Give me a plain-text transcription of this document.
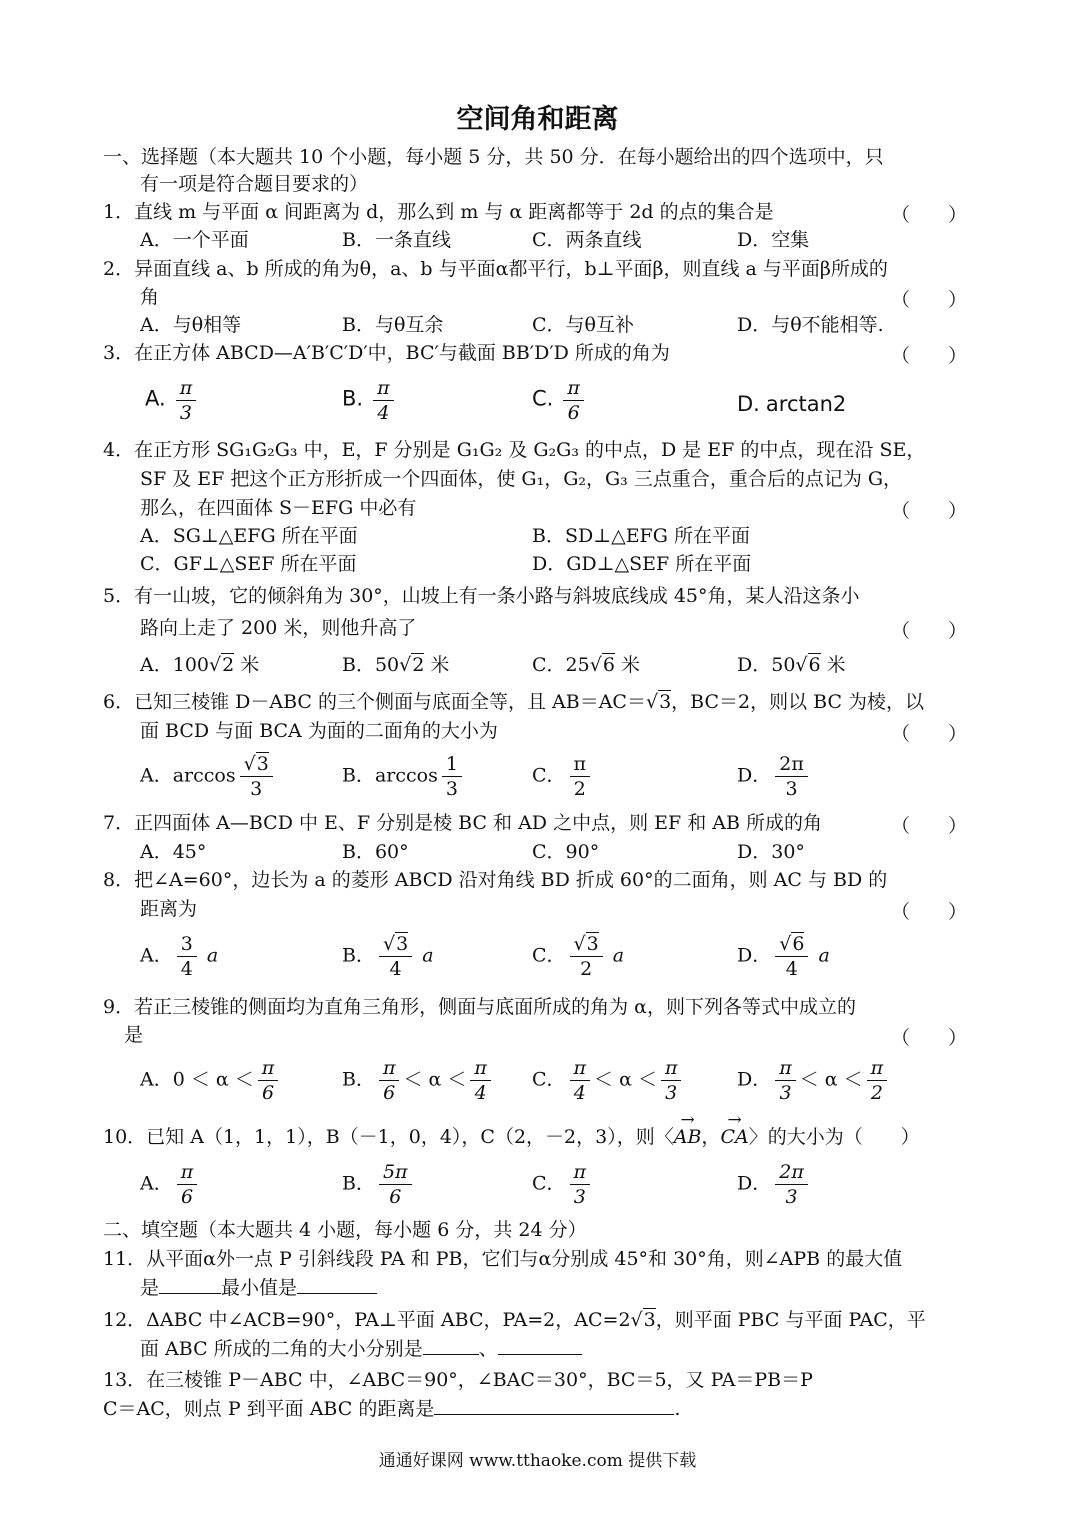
空间角和距离
一、选择题（本大题共 10 个小题，每小题 5 分，共 50 分．在每小题给出的四个选项中，只
有一项是符合题目要求的）
1．直线 m 与平面 α 间距离为 d，那么到 m 与 α 距离都等于 2d 的点的集合是	（　　）
A．一个平面	B．一条直线	C．两条直线	D．空集
2．异面直线 a、b 所成的角为θ，a、b 与平面α都平行，b⊥平面β，则直线 a 与平面β所成的
角	（　　）
A．与θ相等	B．与θ互余	C．与θ互补	D．与θ不能相等.
3．在正方体 ABCD—A′B′C′D′中，BC′与截面 BB′D′D 所成的角为	（　　）
A. $\frac{\pi}{3}$	B. $\frac{\pi}{4}$	C. $\frac{\pi}{6}$	D. arctan2
4．在正方形 SG₁G₂G₃ 中，E，F 分别是 G₁G₂ 及 G₂G₃ 的中点，D 是 EF 的中点，现在沿 SE，
SF 及 EF 把这个正方形折成一个四面体，使 G₁，G₂，G₃ 三点重合，重合后的点记为 G，
那么，在四面体 S－EFG 中必有	（　　）
A．SG⊥△EFG 所在平面	B．SD⊥△EFG 所在平面
C．GF⊥△SEF 所在平面	D．GD⊥△SEF 所在平面
5．有一山坡，它的倾斜角为 30°，山坡上有一条小路与斜坡底线成 45°角，某人沿这条小
路向上走了 200 米，则他升高了	（　　）
A．100√2 米	B．50√2 米	C．25√6 米	D．50√6 米
6．已知三棱锥 D－ABC 的三个侧面与底面全等，且 AB＝AC＝√3，BC＝2，则以 BC 为棱，以
面 BCD 与面 BCA 为面的二面角的大小为	（　　）
A．$\arccos \frac{√3}{3}$	B．$\arccos \frac{1}{3}$	C． $\frac{\pi}{2}$	D． $\frac{2\pi}{3}$
7．正四面体 A—BCD 中 E、F 分别是棱 BC 和 AD 之中点，则 EF 和 AB 所成的角	（　　）
A．45°	B．60°	C．90°	D．30°
8．把∠A=60°，边长为 a 的菱形 ABCD 沿对角线 BD 折成 60°的二面角，则 AC 与 BD 的
距离为	（　　）
A． $\frac{3}{4}$ a	B． $\frac{√3}{4}$ a	C． $\frac{√3}{2}$ a	D． $\frac{√6}{4}$ a
9．若正三棱锥的侧面均为直角三角形，侧面与底面所成的角为 α，则下列各等式中成立的
是	（　　）
A．$0 < \alpha < \frac{\pi}{6}$	B． $\frac{\pi}{6} < \alpha < \frac{\pi}{4}$ C． $\frac{\pi}{4} < \alpha < \frac{\pi}{3}$	D． $\frac{\pi}{3} < \alpha < \frac{\pi}{2}$
10．已知 A（1，1，1），B（－1，0，4），C（2，－2，3），则〈→ AB，→ CA〉的大小为（　　）
A． $\frac{\pi}{6}$	B． $\frac{5\pi}{6}$	C． $\frac{\pi}{3}$	D． $\frac{2\pi}{3}$
二、填空题（本大题共 4 小题，每小题 6 分，共 24 分）
11．从平面α外一点 P 引斜线段 PA 和 PB，它们与α分别成 45°和 30°角，则∠APB 的最大值
是	最小值是
12．ΔABC 中∠ACB=90°，PA⊥平面 ABC，PA=2，AC=2√3，则平面 PBC 与平面 PAC，平
面 ABC 所成的二角的大小分别是	、
13．在三棱锥 P－ABC 中，∠ABC＝90°，∠BAC＝30°，BC＝5，又 PA＝PB＝P
C＝AC，则点 P 到平面 ABC 的距离是	.
通通好课网 www.tthaoke.com 提供下载
